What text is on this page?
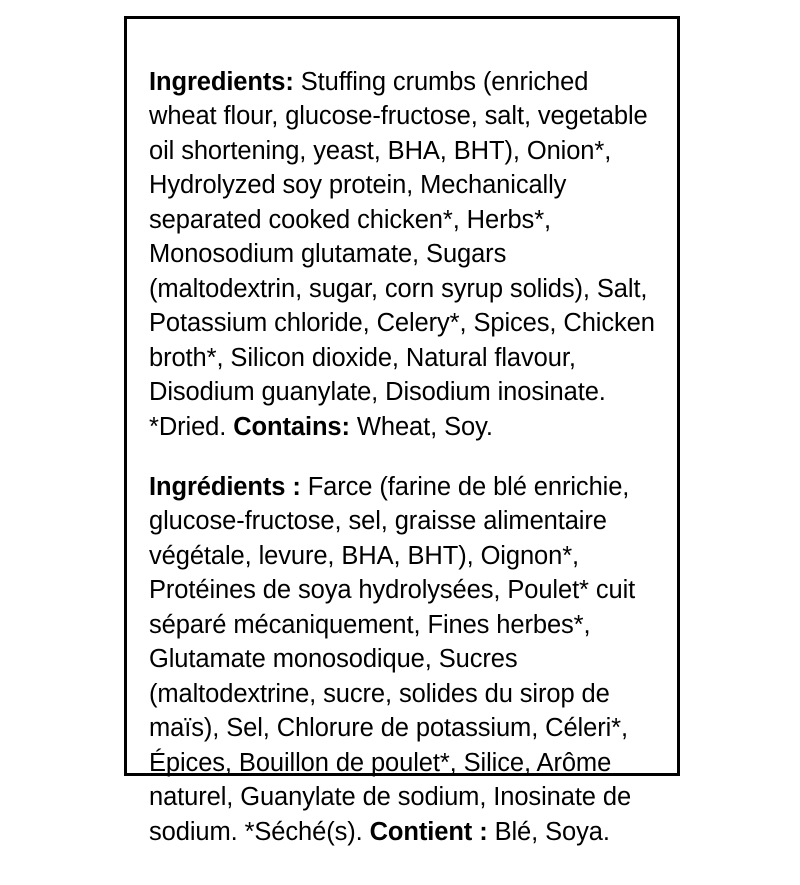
Ingredients: Stuffing crumbs (enriched wheat flour, glucose-fructose, salt, vegetable oil shortening, yeast, BHA, BHT), Onion*, Hydrolyzed soy protein, Mechanically separated cooked chicken*, Herbs*, Monosodium glutamate, Sugars (maltodextrin, sugar, corn syrup solids), Salt, Potassium chloride, Celery*, Spices, Chicken broth*, Silicon dioxide, Natural flavour, Disodium guanylate, Disodium inosinate. *Dried. Contains: Wheat, Soy.

Ingrédients : Farce (farine de blé enrichie, glucose-fructose, sel, graisse alimentaire végétale, levure, BHA, BHT), Oignon*, Protéines de soya hydrolysées, Poulet* cuit séparé mécaniquement, Fines herbes*, Glutamate monosodique, Sucres (maltodextrine, sucre, solides du sirop de maïs), Sel, Chlorure de potassium, Céleri*, Épices, Bouillon de poulet*, Silice, Arôme naturel, Guanylate de sodium, Inosinate de sodium. *Séché(s). Contient : Blé, Soya.
